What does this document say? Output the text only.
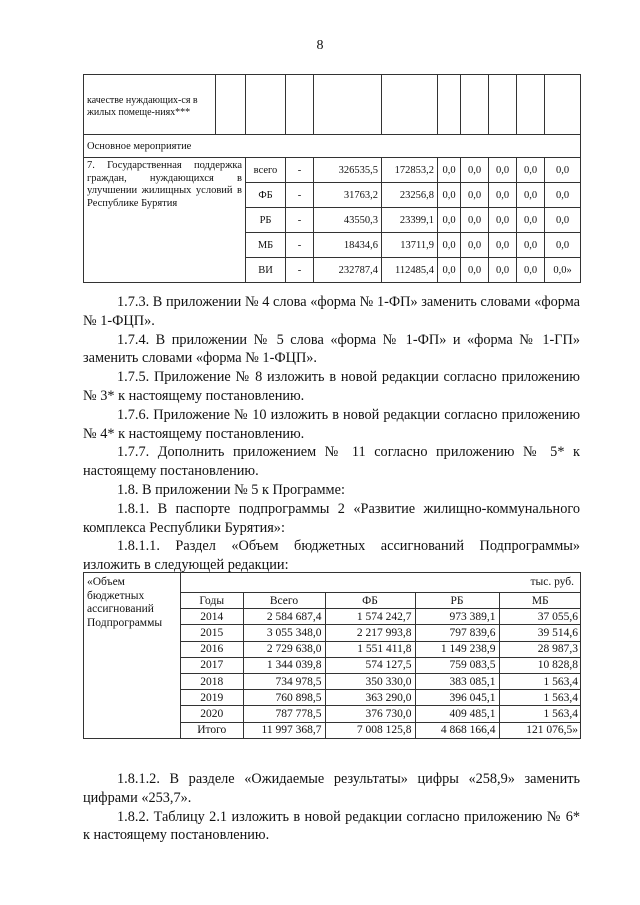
8
качестве нуждающих-ся в жилых помеще-ниях***										
Основное мероприятие										
7. Государственная поддержка граждан, нуждающихся в улучшении жилищных условий в Республике Бурятия		всего	-	326535,5	172853,2	0,0	0,0	0,0	0,0	0,0
		ФБ	-	31763,2	23256,8	0,0	0,0	0,0	0,0	0,0
		РБ	-	43550,3	23399,1	0,0	0,0	0,0	0,0	0,0
		МБ	-	18434,6	13711,9	0,0	0,0	0,0	0,0	0,0
		ВИ	-	232787,4	112485,4	0,0	0,0	0,0	0,0	0,0»

1.7.3. В приложении № 4 слова «форма № 1-ФП» заменить словами «форма № 1-ФЦП».

1.7.4. В приложении № 5 слова «форма № 1-ФП» и «форма № 1-ГП» заменить словами «форма № 1-ФЦП».

1.7.5. Приложение № 8 изложить в новой редакции согласно приложению № 3* к настоящему постановлению.

1.7.6. Приложение № 10 изложить в новой редакции согласно приложению № 4* к настоящему постановлению.

1.7.7. Дополнить приложением № 11 согласно приложению № 5* к настоящему постановлению.

1.8. В приложении № 5 к Программе:

1.8.1. В паспорте подпрограммы 2 «Развитие жилищно-коммунального комплекса Республики Бурятия»:

1.8.1.1. Раздел «Объем бюджетных ассигнований Подпрограммы» изложить в следующей редакции:

«Объем бюджетных ассигнований Подпрограммы	
тыс. руб.
Годы	Всего	ФБ	РБ	МБ
2014	2 584 687,4	1 574 242,7	973 389,1	37 055,6
2015	3 055 348,0	2 217 993,8	797 839,6	39 514,6
2016	2 729 638,0	1 551 411,8	1 149 238,9	28 987,3
2017	1 344 039,8	574 127,5	759 083,5	10 828,8
2018	734 978,5	350 330,0	383 085,1	1 563,4
2019	760 898,5	363 290,0	396 045,1	1 563,4
2020	787 778,5	376 730,0	409 485,1	1 563,4
Итого	11 997 368,7	7 008 125,8	4 868 166,4	121 076,5»

1.8.1.2. В разделе «Ожидаемые результаты» цифры «258,9» заменить цифрами «253,7».

1.8.2. Таблицу 2.1 изложить в новой редакции согласно приложению № 6* к настоящему постановлению.
